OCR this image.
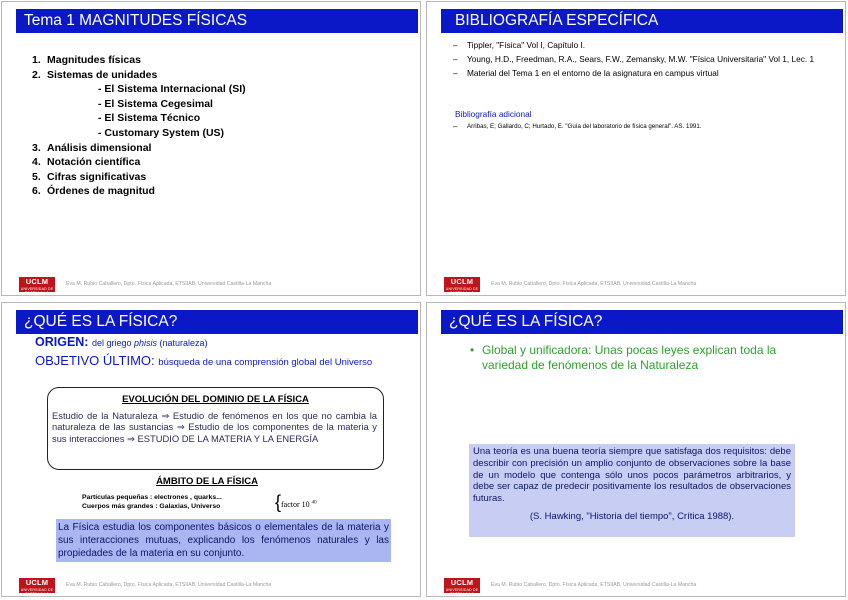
Tema 1 MAGNITUDES FÍSICAS
1. Magnitudes físicas
2. Sistemas de unidades
- El Sistema Internacional (SI)
- El Sistema Cegesimal
- El Sistema Técnico
- Customary System (US)
3. Análisis dimensional
4. Notación científica
5. Cifras significativas
6. Órdenes de magnitud
UCLM
UNIVERSIDAD DE CASTILLA-LA MANCHA
Eva M. Rubio Caballero, Dpto. Física Aplicada, ETSIIAB, Universidad Castilla-La Mancha
BIBLIOGRAFÍA ESPECÍFICA
– Tippler, "Física" Vol I, Capítulo I.
– Young, H.D., Freedman, R.A., Sears, F.W., Zemansky, M.W. "Física Universitaria" Vol 1, Lec. 1
– Material del Tema 1 en el entorno de la asignatura en campus virtual
Bibliografía adicional
– Arribas, E; Gallardo, C; Hurtado, E. "Guía del laboratorio de física general". AS. 1991.
UCLM
UNIVERSIDAD DE CASTILLA-LA MANCHA
Eva M. Rubio Caballero, Dpto. Física Aplicada, ETSIIAB, Universidad Castilla-La Mancha
¿QUÉ ES LA FÍSICA?
ORIGEN: del griego phisis (naturaleza)
OBJETIVO ÚLTIMO: búsqueda de una comprensión global del Universo
EVOLUCIÓN DEL DOMINIO DE LA FÍSICA
Estudio de la Naturaleza ⇒ Estudio de fenómenos en los que no cambia la naturaleza de las sustancias ⇒ Estudio de los componentes de la materia y sus interacciones ⇒ ESTUDIO DE LA MATERIA Y LA ENERGÍA
ÁMBITO DE LA FÍSICA
Partículas pequeñas : electrones , quarks...
Cuerpos más grandes : Galaxias, Universo	{ factor 10 $^{40}$
La Física estudia los componentes básicos o elementales de la materia y sus interacciones mutuas, explicando los fenómenos naturales y las propiedades de la materia en su conjunto.
UCLM
UNIVERSIDAD DE CASTILLA-LA MANCHA
Eva M. Rubio Caballero, Dpto. Física Aplicada, ETSIIAB, Universidad Castilla-La Mancha
¿QUÉ ES LA FÍSICA?
• Global y unificadora: Unas pocas leyes explican toda la variedad de fenómenos de la Naturaleza
Una teoría es una buena teoría siempre que satisfaga dos requisitos: debe describir con precisión un amplio conjunto de observaciones sobre la base de un modelo que contenga sólo unos pocos parámetros arbitrarios, y debe ser capaz de predecir positivamente los resultados de observaciones futuras.
(S. Hawking, "Historia del tiempo", Crítica 1988).
UCLM
UNIVERSIDAD DE CASTILLA-LA MANCHA
Eva M. Rubio Caballero, Dpto. Física Aplicada, ETSIIAB, Universidad Castilla-La Mancha
